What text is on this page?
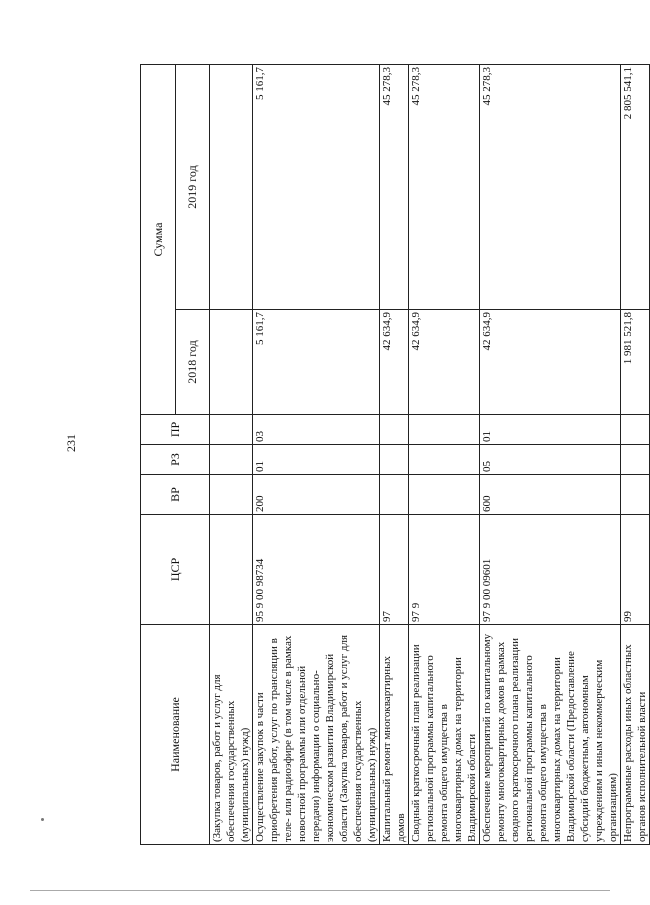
231
Наименование	ЦСР	ВР	РЗ	ПР	Сумма	
					2018 год	2019 год
(Закупка товаров, работ и услуг для обеспечения государственных (муниципальных) нужд)						
Осуществление закупок в части приобретения работ, услуг по трансляции в теле- или радиоэфире (в том числе в рамках новостной программы или отдельной передачи) информации о социально-экономическом развитии Владимирской области (Закупка товаров, работ и услуг для обеспечения государственных (муниципальных) нужд)	95 9 00 98734	200	01	03	5 161,7	5 161,7
Капитальный ремонт многоквартирных домов	97				42 634,9	45 278,3
Сводный краткосрочный план реализации региональной программы капитального ремонта общего имущества в многоквартирных домах на территории Владимирской области	97 9				42 634,9	45 278,3
Обеспечение мероприятий по капитальному ремонту многоквартирных домов в рамках сводного краткосрочного плана реализации региональной программы капитального ремонта общего имущества в многоквартирных домах на территории Владимирской области (Предоставление субсидий бюджетным, автономным учреждениям и иным некоммерческим организациям)	97 9 00 09601	600	05	01	42 634,9	45 278,3
Непрограммные расходы иных областных органов исполнительной власти	99				1 981 521,8	2 805 541,1
